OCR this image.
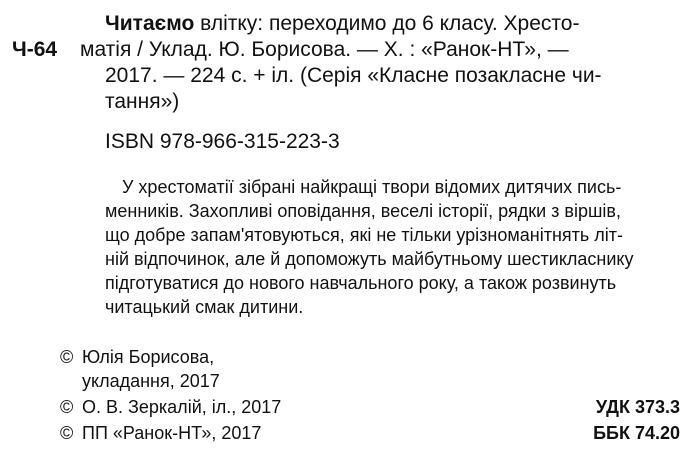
Ч-64
Читаємо влітку: переходимо до 6 класу. Хресто-
матія / Уклад. Ю. Борисова. — Х. : «Ранок-НТ», —
2017. — 224 с. + іл. (Серія «Класне позакласне чи-
тання»)
ISBN 978-966-315-223-3
У хрестоматії зібрані найкращі твори відомих дитячих пись-
менників. Захопливі оповідання, веселі історії, рядки з віршів,
що добре запам'ятовуються, які не тільки урізноманітнять літ-
ній відпочинок, але й допоможуть майбутньому шестикласнику
підготуватися до нового навчального року, а також розвинуть
читацький смак дитини.
© Юлія Борисова,
укладання, 2017
© О. В. Зеркалій, іл., 2017
© ПП «Ранок-НТ», 2017
УДК 373.3
ББК 74.20
